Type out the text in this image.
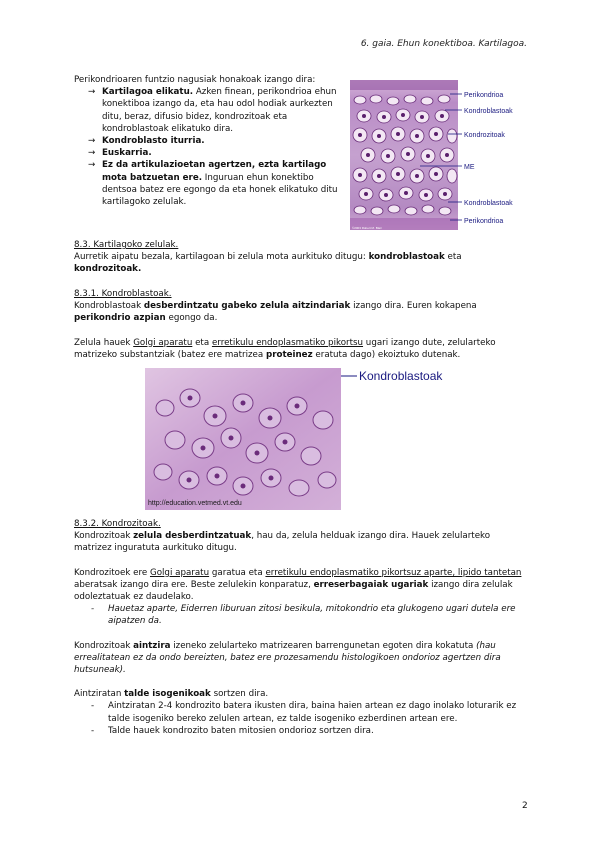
6. gaia. Ehun konektiboa. Kartilagoa.

Perikondrioaren funtzio nagusiak honakoak izango dira:

→ Kartilagoa elikatu. Azken finean, perikondrioa ehun konektiboa izango da, eta hau odol hodiak aurkezten ditu, beraz, difusio bidez, kondrozitoak eta kondroblastoak elikatuko dira.
→ Kondroblasto iturria.
→ Euskarria.
→ Ez da artikulazioetan agertzen, ezta kartilago mota batzuetan ere. Inguruan ehun konektibo dentsoa batez ere egongo da eta honek elikatuko ditu kartilagoko zelulak.
Perikondrioa
Kondroblastoak
Kondrozitoak
ME
Kondroblastoak
Perikondrioa
©2003 Robert M. Blair

8.3. Kartilagoko zelulak.

Aurretik aipatu bezala, kartilagoan bi zelula mota aurkituko ditugu: kondroblastoak eta kondrozitoak.

8.3.1. Kondroblastoak.

Kondroblastoak desberdintzatu gabeko zelula aitzindariak izango dira. Euren kokapena perikondrio azpian egongo da.

Zelula hauek Golgi aparatu eta erretikulu endoplasmatiko pikortsu ugari izango dute, zelularteko matrizeko substantziak (batez ere matrizea proteinez eratuta dago) ekoiztuko dutenak.

Kondroblastoak
http://education.vetmed.vt.edu

8.3.2. Kondrozitoak.

Kondrozitoak zelula desberdintzatuak, hau da, zelula helduak izango dira. Hauek zelularteko matrizez inguratuta aurkituko ditugu.

Kondrozitoek ere Golgi aparatu garatua eta erretikulu endoplasmatiko pikortsuz aparte, lipido tantetan aberatsak izango dira ere. Beste zelulekin konparatuz, erreserbagaiak ugariak izango dira zelulak odoleztatuak ez daudelako.

- Hauetaz aparte, Eiderren liburuan zitosi besikula, mitokondrio eta glukogeno ugari dutela ere aipatzen da.

Kondrozitoak aintzira izeneko zelularteko matrizearen barrengunetan egoten dira kokatuta (hau errealitatean ez da ondo bereizten, batez ere prozesamendu histologikoen ondorioz agertzen dira hutsuneak).

Aintziratan talde isogenikoak sortzen dira.

- Aintziratan 2-4 kondrozito batera ikusten dira, baina haien artean ez dago inolako loturarik ez talde isogeniko bereko zelulen artean, ez talde isogeniko ezberdinen artean ere.
- Talde hauek kondrozito baten mitosien ondorioz sortzen dira.
2
